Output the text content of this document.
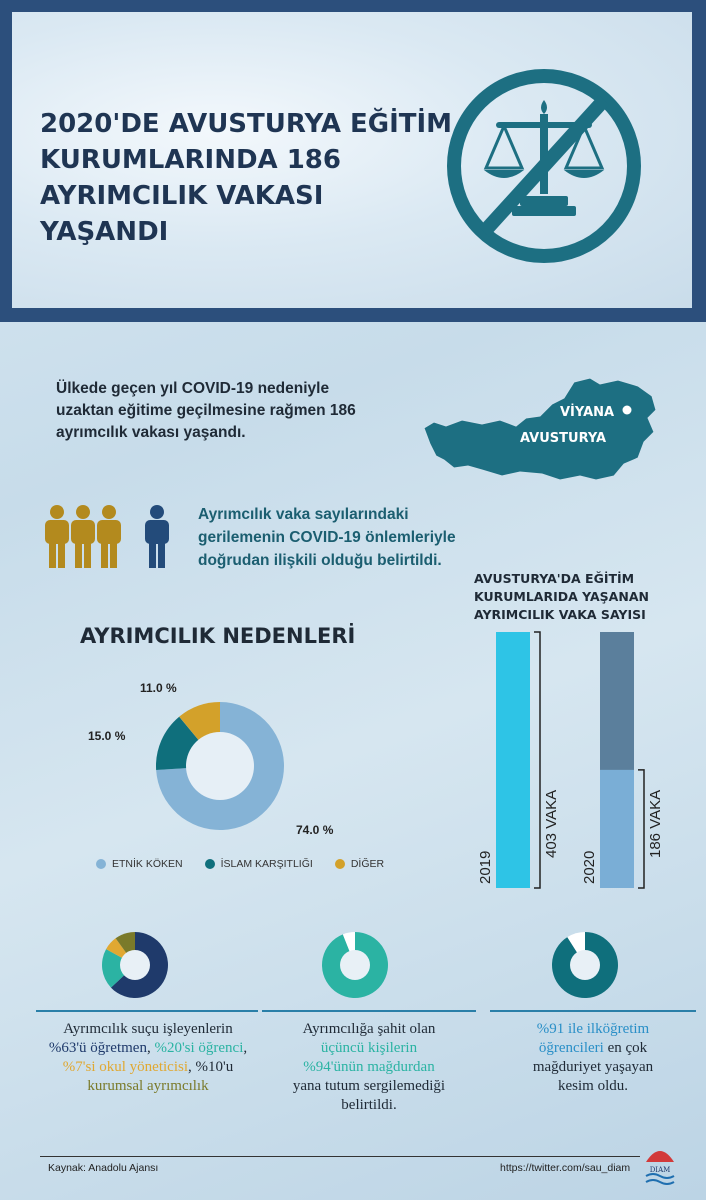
2020'DE AVUSTURYA EĞİTİM KURUMLARINDA 186 AYRIMCILIK VAKASI YAŞANDI
Ülkede geçen yıl COVID-19 nedeniyle uzaktan eğitime geçilmesine rağmen 186 ayrımcılık vakası yaşandı.
VİYANA
AVUSTURYA
Ayrımcılık vaka sayılarındaki gerilemenin COVID-19 önlemleriyle doğrudan ilişkili olduğu belirtildi.
AVUSTURYA'DA EĞİTİM KURUMLARIDA YAŞANAN AYRIMCILIK VAKA SAYISI
2019
403 VAKA
2020
186 VAKA
AYRIMCILIK NEDENLERİ
74.0 %
15.0 %
11.0 %
ETNİK KÖKEN	İSLAM KARŞITLIĞI	DİĞER
Ayrımcılık suçu işleyenlerin
%63'ü öğretmen, %20'si öğrenci,
%7'si okul yöneticisi, %10'u
kurumsal ayrımcılık
Ayrımcılığa şahit olan
üçüncü kişilerin
%94'ünün mağdurdan
yana tutum sergilemediği
belirtildi.
%91 ile ilköğretim
öğrencileri en çok
mağduriyet yaşayan
kesim oldu.
Kaynak: Anadolu Ajansı	https://twitter.com/sau_diam	DIAM
